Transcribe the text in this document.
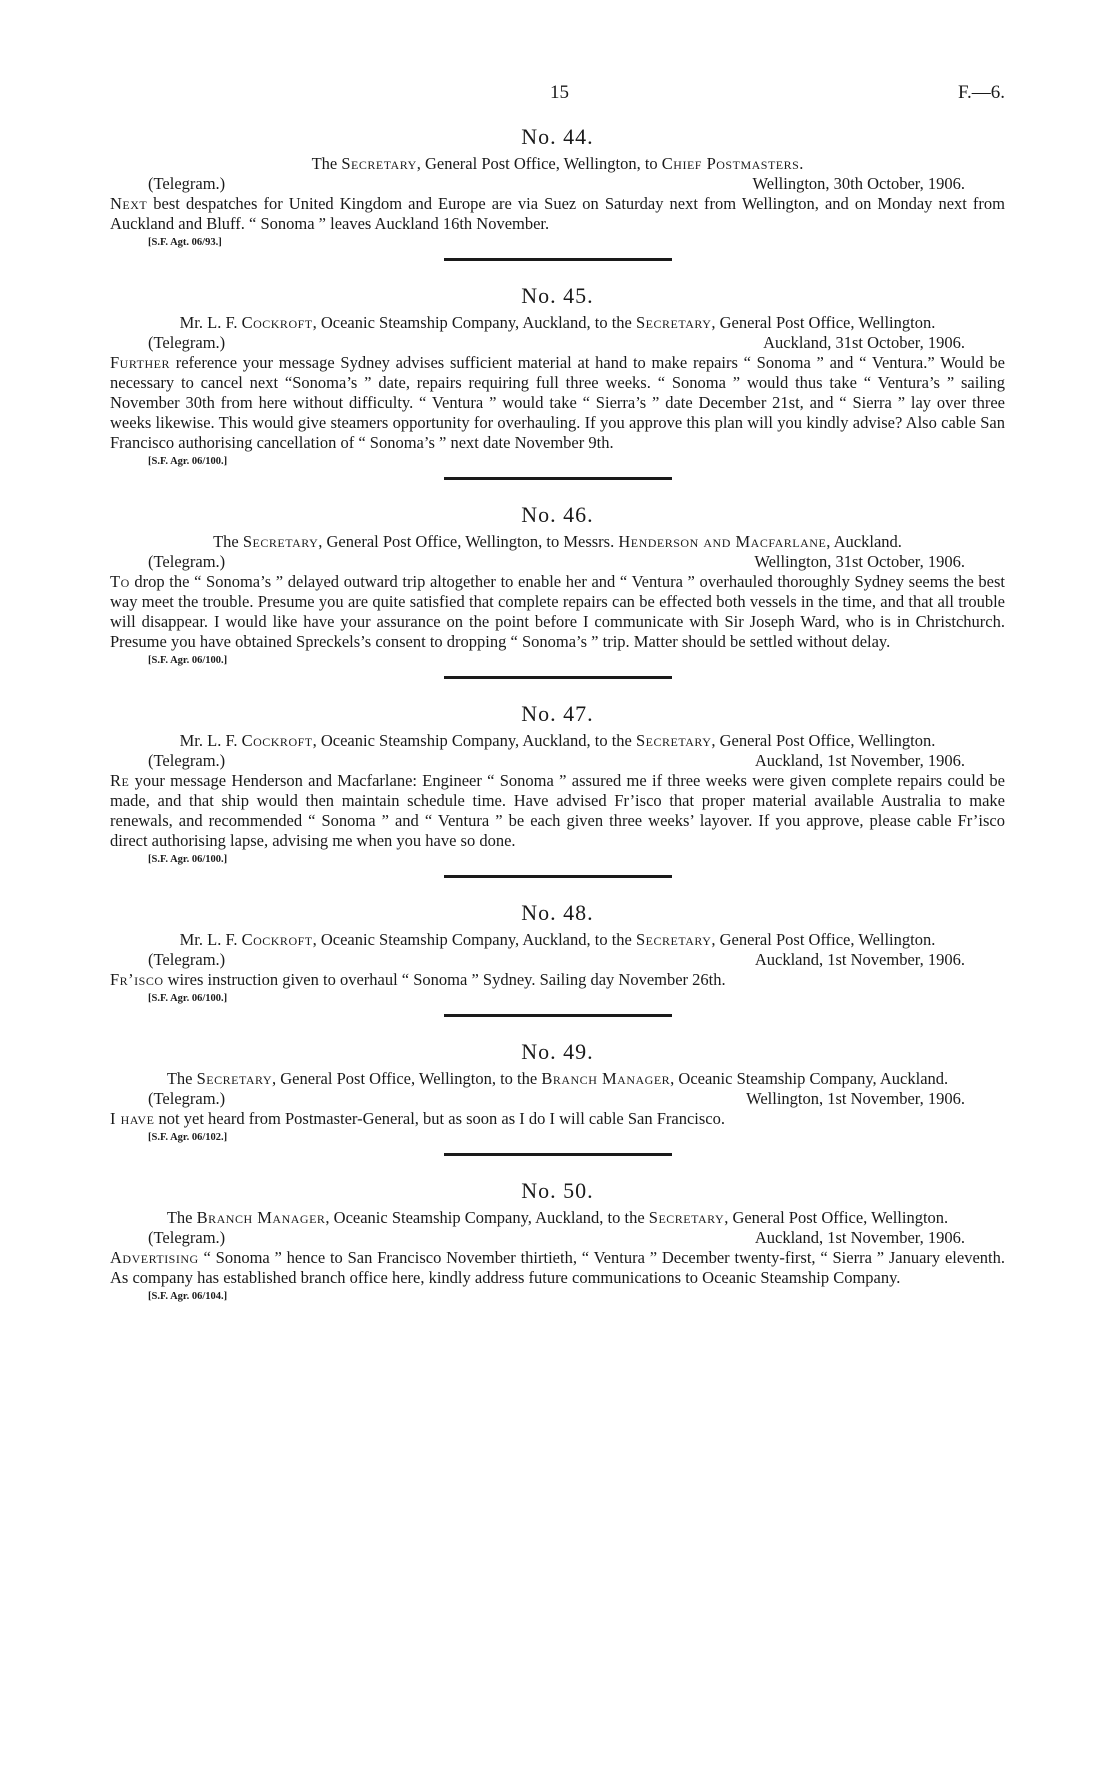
15	F.—6.
No. 44.
The Secretary, General Post Office, Wellington, to Chief Postmasters.
(Telegram.)	Wellington, 30th October, 1906.

Next best despatches for United Kingdom and Europe are via Suez on Saturday next from Wellington, and on Monday next from Auckland and Bluff. “ Sonoma ” leaves Auckland 16th November.

[S.F. Agt. 06/93.]
No. 45.
Mr. L. F. Cockroft, Oceanic Steamship Company, Auckland, to the Secretary, General Post Office, Wellington.
(Telegram.)	Auckland, 31st October, 1906.

Further reference your message Sydney advises sufficient material at hand to make repairs “ Sonoma ” and “ Ventura.” Would be necessary to cancel next “Sonoma’s ” date, repairs requiring full three weeks. “ Sonoma ” would thus take “ Ventura’s ” sailing November 30th from here without difficulty. “ Ventura ” would take “ Sierra’s ” date December 21st, and “ Sierra ” lay over three weeks likewise. This would give steamers opportunity for overhauling. If you approve this plan will you kindly advise? Also cable San Francisco authorising cancellation of “ Sonoma’s ” next date November 9th.

[S.F. Agr. 06/100.]
No. 46.
The Secretary, General Post Office, Wellington, to Messrs. Henderson and Macfarlane, Auckland.
(Telegram.)	Wellington, 31st October, 1906.

To drop the “ Sonoma’s ” delayed outward trip altogether to enable her and “ Ventura ” overhauled thoroughly Sydney seems the best way meet the trouble. Presume you are quite satisfied that complete repairs can be effected both vessels in the time, and that all trouble will disappear. I would like have your assurance on the point before I communicate with Sir Joseph Ward, who is in Christchurch. Presume you have obtained Spreckels’s consent to dropping “ Sonoma’s ” trip. Matter should be settled without delay.

[S.F. Agr. 06/100.]
No. 47.
Mr. L. F. Cockroft, Oceanic Steamship Company, Auckland, to the Secretary, General Post Office, Wellington.
(Telegram.)	Auckland, 1st November, 1906.

Re your message Henderson and Macfarlane: Engineer “ Sonoma ” assured me if three weeks were given complete repairs could be made, and that ship would then maintain schedule time. Have advised Fr’isco that proper material available Australia to make renewals, and recommended “ Sonoma ” and “ Ventura ” be each given three weeks’ layover. If you approve, please cable Fr’isco direct authorising lapse, advising me when you have so done.

[S.F. Agr. 06/100.]
No. 48.
Mr. L. F. Cockroft, Oceanic Steamship Company, Auckland, to the Secretary, General Post Office, Wellington.
(Telegram.)	Auckland, 1st November, 1906.

Fr’isco wires instruction given to overhaul “ Sonoma ” Sydney. Sailing day November 26th.

[S.F. Agr. 06/100.]
No. 49.
The Secretary, General Post Office, Wellington, to the Branch Manager, Oceanic Steamship Company, Auckland.
(Telegram.)	Wellington, 1st November, 1906.

I have not yet heard from Postmaster-General, but as soon as I do I will cable San Francisco.

[S.F. Agr. 06/102.]
No. 50.
The Branch Manager, Oceanic Steamship Company, Auckland, to the Secretary, General Post Office, Wellington.
(Telegram.)	Auckland, 1st November, 1906.

Advertising “ Sonoma ” hence to San Francisco November thirtieth, “ Ventura ” December twenty-first, “ Sierra ” January eleventh. As company has established branch office here, kindly address future communications to Oceanic Steamship Company.

[S.F. Agr. 06/104.]
